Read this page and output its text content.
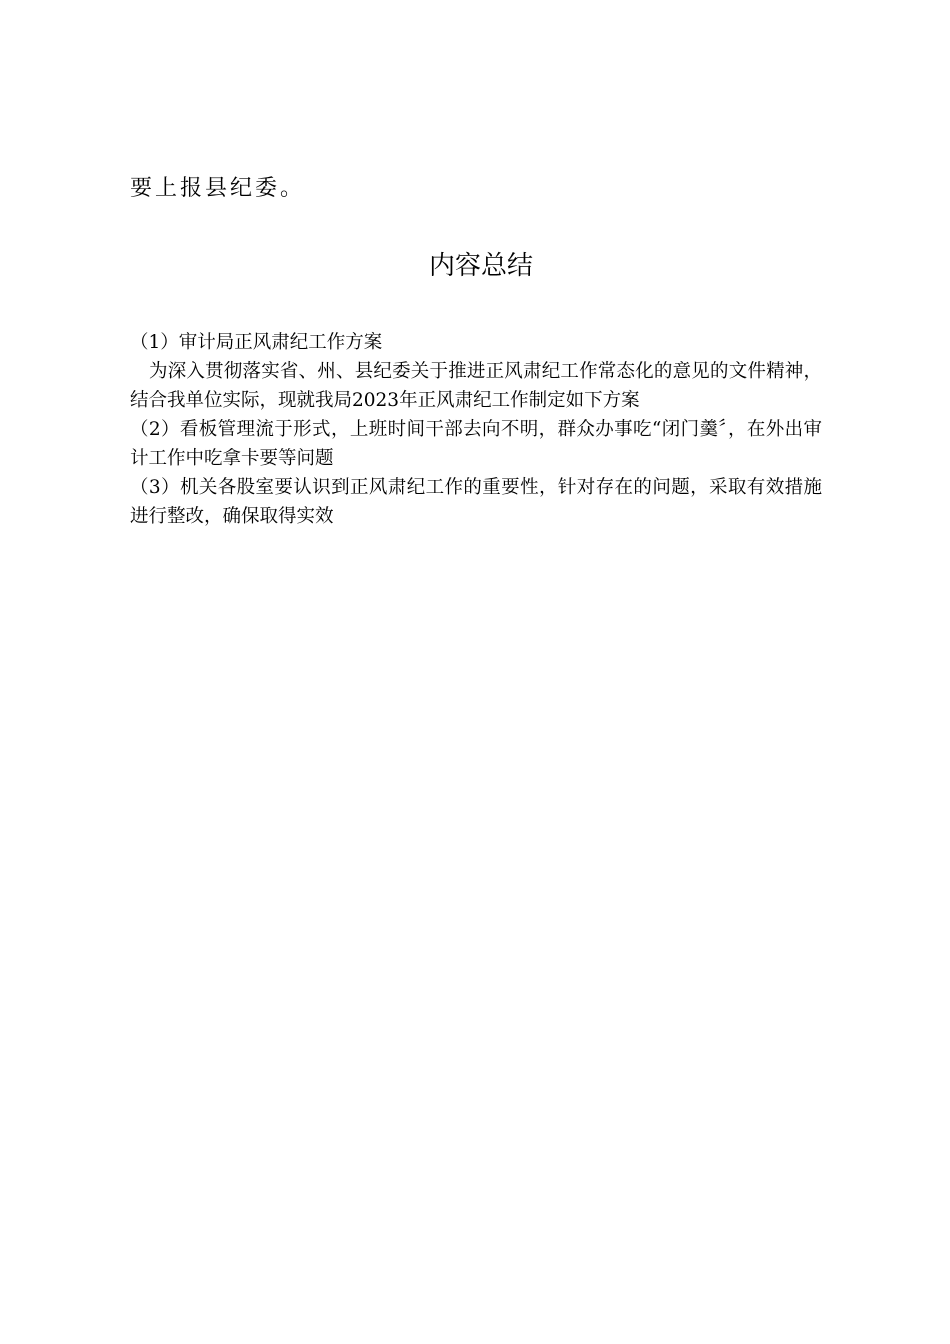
要上报县纪委。
内容总结

（1）审计局正风肃纪工作方案

为深入贯彻落实省、州、县纪委关于推进正风肃纪工作常态化的意见的文件精神，结合我单位实际，现就我局2023年正风肃纪工作制定如下方案

（2）看板管理流于形式，上班时间干部去向不明，群众办事吃“闭门羹〞，在外出审计工作中吃拿卡要等问题

（3）机关各股室要认识到正风肃纪工作的重要性，针对存在的问题，采取有效措施进行整改，确保取得实效
